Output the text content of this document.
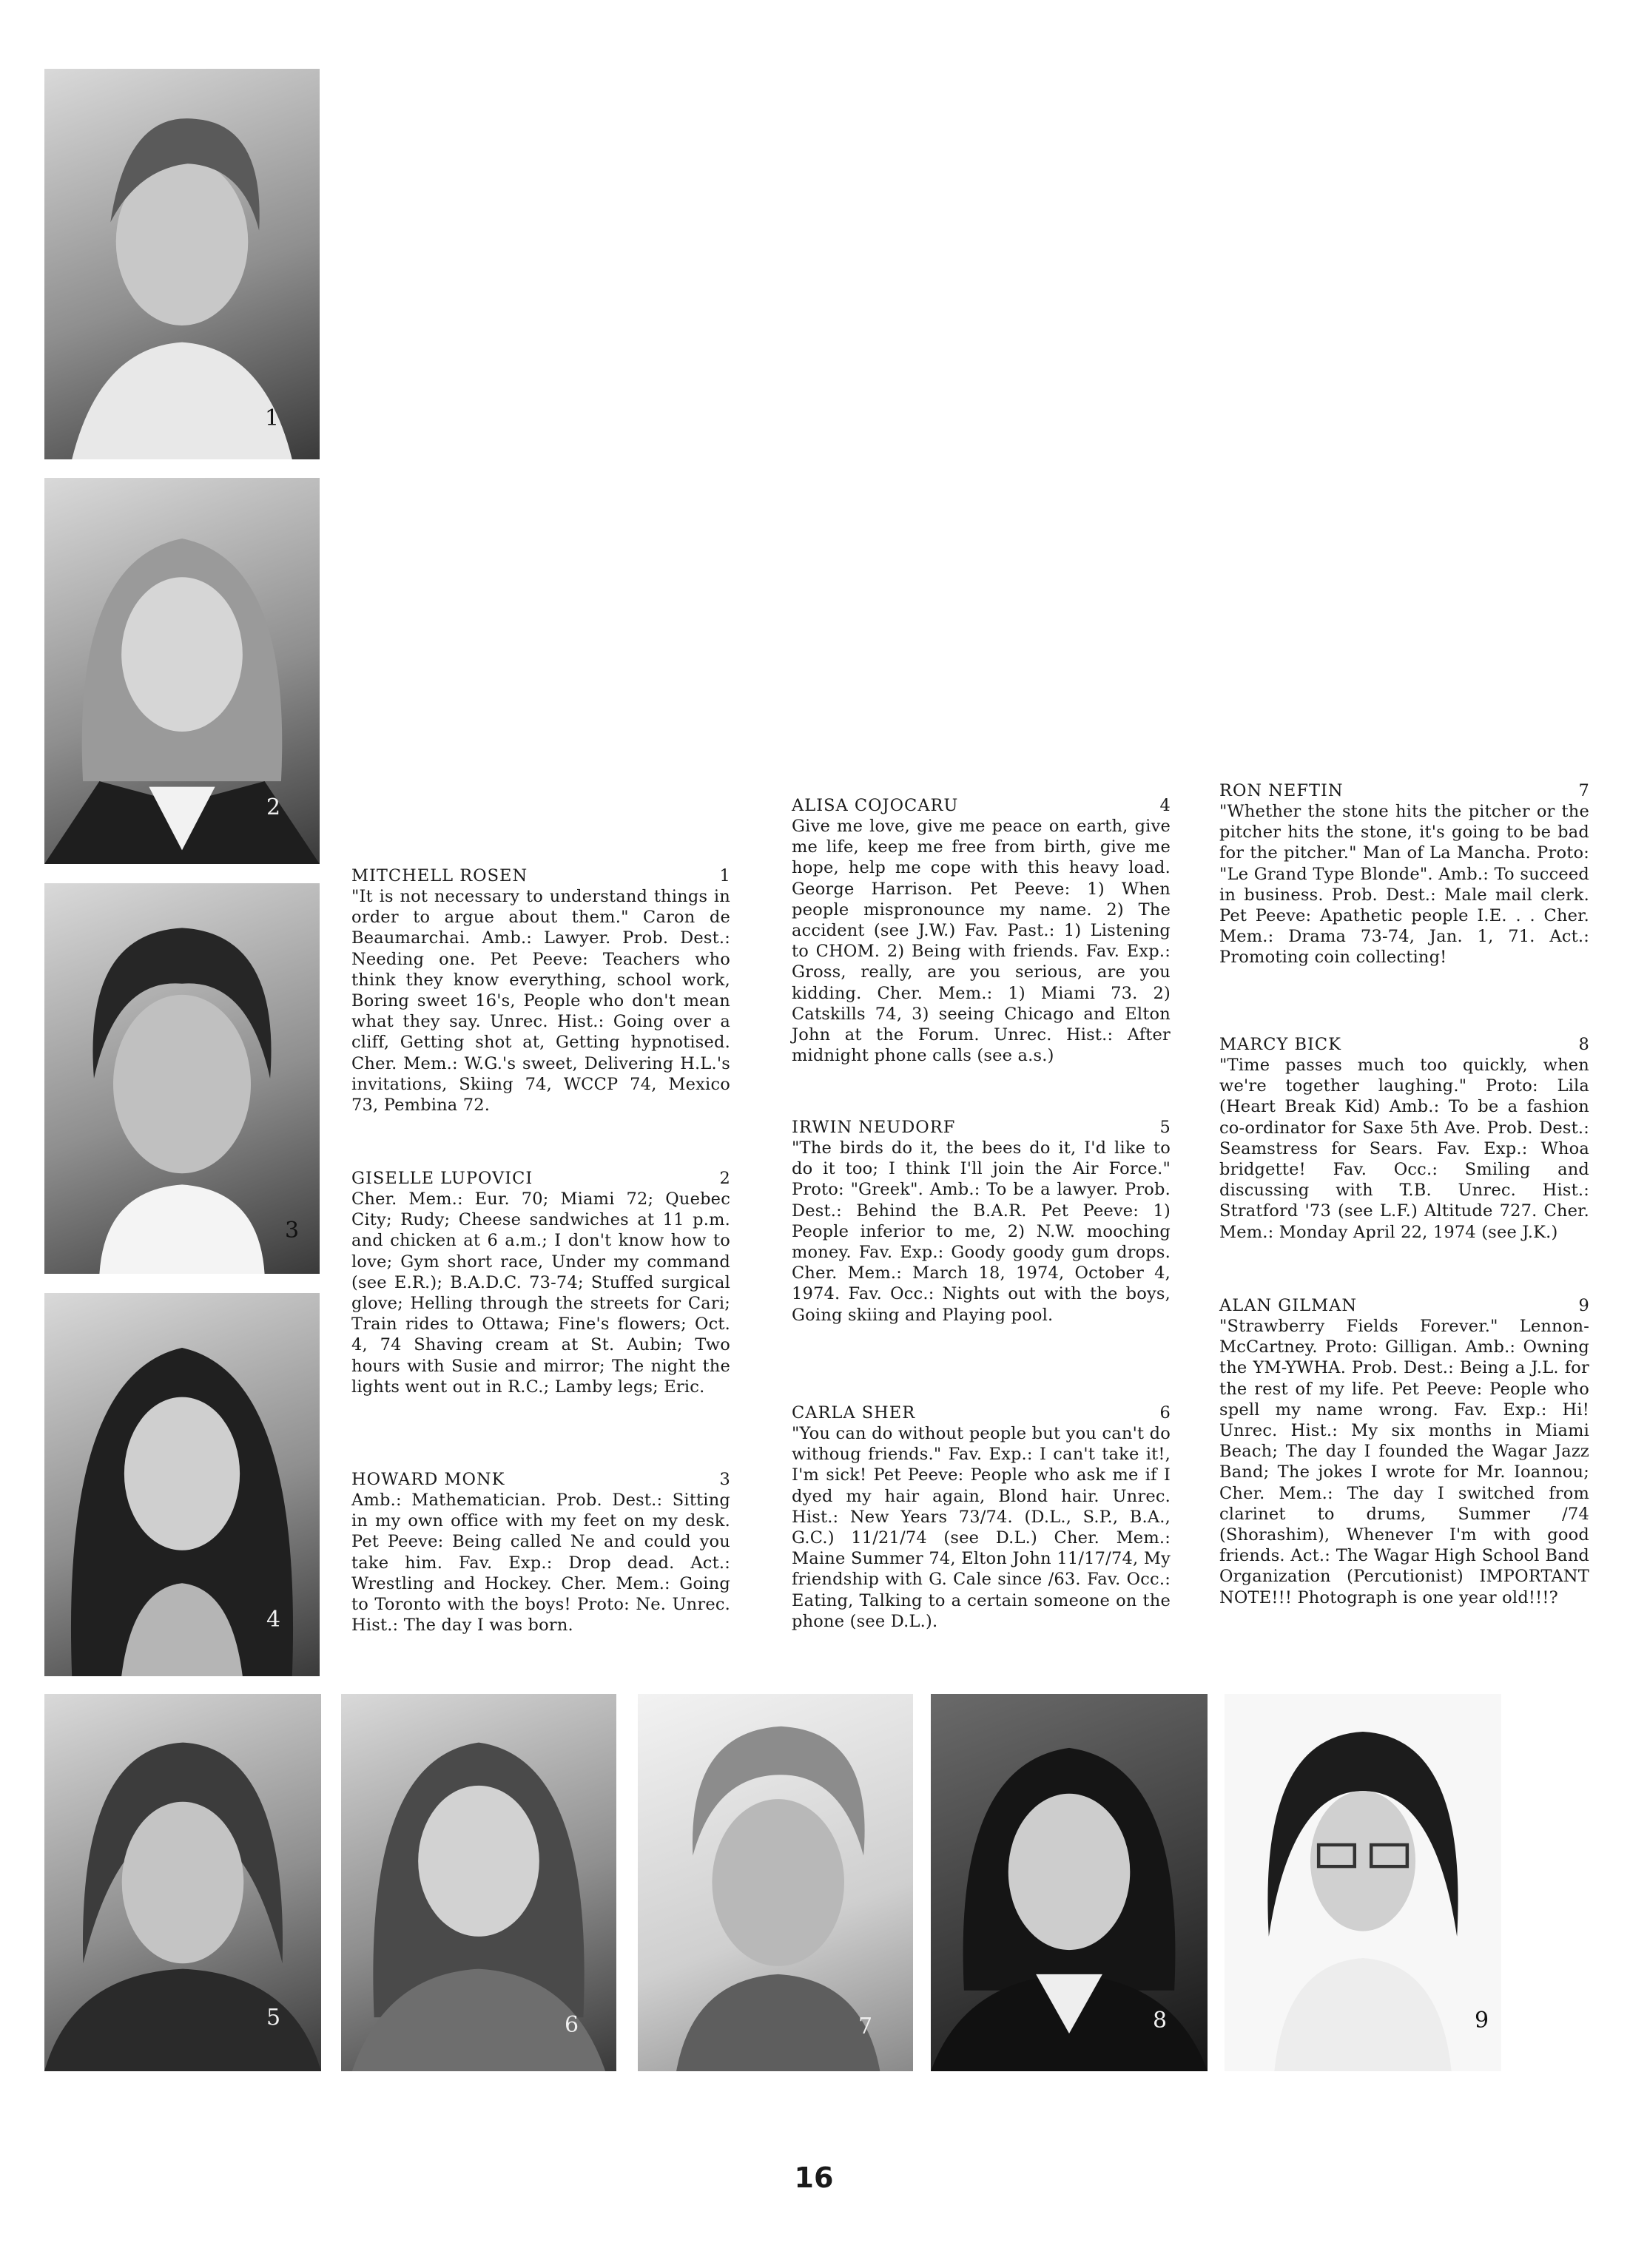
1
2
3
4
5	6	7	8	9
MITCHELL ROSEN	1
"It is not necessary to understand things in order to argue about them." Caron de Beaumarchai. Amb.: Lawyer. Prob. Dest.: Needing one. Pet Peeve: Teachers who think they know everything, school work, Boring sweet 16's, People who don't mean what they say. Unrec. Hist.: Going over a cliff, Getting shot at, Getting hypnotised. Cher. Mem.: W.G.'s sweet, Delivering H.L.'s invitations, Skiing 74, WCCP 74, Mexico 73, Pembina 72.
GISELLE LUPOVICI	2
Cher. Mem.: Eur. 70; Miami 72; Quebec City; Rudy; Cheese sandwiches at 11 p.m. and chicken at 6 a.m.; I don't know how to love; Gym short race, Under my command (see E.R.); B.A.D.C. 73-74; Stuffed surgical glove; Helling through the streets for Cari; Train rides to Ottawa; Fine's flowers; Oct. 4, 74 Shaving cream at St. Aubin; Two hours with Susie and mirror; The night the lights went out in R.C.; Lamby legs; Eric.
HOWARD MONK	3
Amb.: Mathematician. Prob. Dest.: Sitting in my own office with my feet on my desk. Pet Peeve: Being called Ne and could you take him. Fav. Exp.: Drop dead. Act.: Wrestling and Hockey. Cher. Mem.: Going to Toronto with the boys! Proto: Ne. Unrec. Hist.: The day I was born.
ALISA COJOCARU	4
Give me love, give me peace on earth, give me life, keep me free from birth, give me hope, help me cope with this heavy load. George Harrison. Pet Peeve: 1) When people mispronounce my name. 2) The accident (see J.W.) Fav. Past.: 1) Listening to CHOM. 2) Being with friends. Fav. Exp.: Gross, really, are you serious, are you kidding. Cher. Mem.: 1) Miami 73. 2) Catskills 74, 3) seeing Chicago and Elton John at the Forum. Unrec. Hist.: After midnight phone calls (see a.s.)
IRWIN NEUDORF	5
"The birds do it, the bees do it, I'd like to do it too; I think I'll join the Air Force." Proto: "Greek". Amb.: To be a lawyer. Prob. Dest.: Behind the B.A.R. Pet Peeve: 1) People inferior to me, 2) N.W. mooching money. Fav. Exp.: Goody goody gum drops. Cher. Mem.: March 18, 1974, October 4, 1974. Fav. Occ.: Nights out with the boys, Going skiing and Playing pool.
CARLA SHER	6
"You can do without people but you can't do withoug friends." Fav. Exp.: I can't take it!, I'm sick! Pet Peeve: People who ask me if I dyed my hair again, Blond hair. Unrec. Hist.: New Years 73/74. (D.L., S.P., B.A., G.C.) 11/21/74 (see D.L.) Cher. Mem.: Maine Summer 74, Elton John 11/17/74, My friendship with G. Cale since /63. Fav. Occ.: Eating, Talking to a certain someone on the phone (see D.L.).
RON NEFTIN	7
"Whether the stone hits the pitcher or the pitcher hits the stone, it's going to be bad for the pitcher." Man of La Mancha. Proto: "Le Grand Type Blonde". Amb.: To succeed in business. Prob. Dest.: Male mail clerk. Pet Peeve: Apathetic people I.E. . . Cher. Mem.: Drama 73-74, Jan. 1, 71. Act.: Promoting coin collecting!
MARCY BICK	8
"Time passes much too quickly, when we're together laughing." Proto: Lila (Heart Break Kid) Amb.: To be a fashion co-ordinator for Saxe 5th Ave. Prob. Dest.: Seamstress for Sears. Fav. Exp.: Whoa bridgette! Fav. Occ.: Smiling and discussing with T.B. Unrec. Hist.: Stratford '73 (see L.F.) Altitude 727. Cher. Mem.: Monday April 22, 1974 (see J.K.)
ALAN GILMAN	9
"Strawberry Fields Forever." Lennon-McCartney. Proto: Gilligan. Amb.: Owning the YM-YWHA. Prob. Dest.: Being a J.L. for the rest of my life. Pet Peeve: People who spell my name wrong. Fav. Exp.: Hi! Unrec. Hist.: My six months in Miami Beach; The day I founded the Wagar Jazz Band; The jokes I wrote for Mr. Ioannou; Cher. Mem.: The day I switched from clarinet to drums, Summer /74 (Shorashim), Whenever I'm with good friends. Act.: The Wagar High School Band Organization (Percutionist) IMPORTANT NOTE!!! Photograph is one year old!!!?
16
